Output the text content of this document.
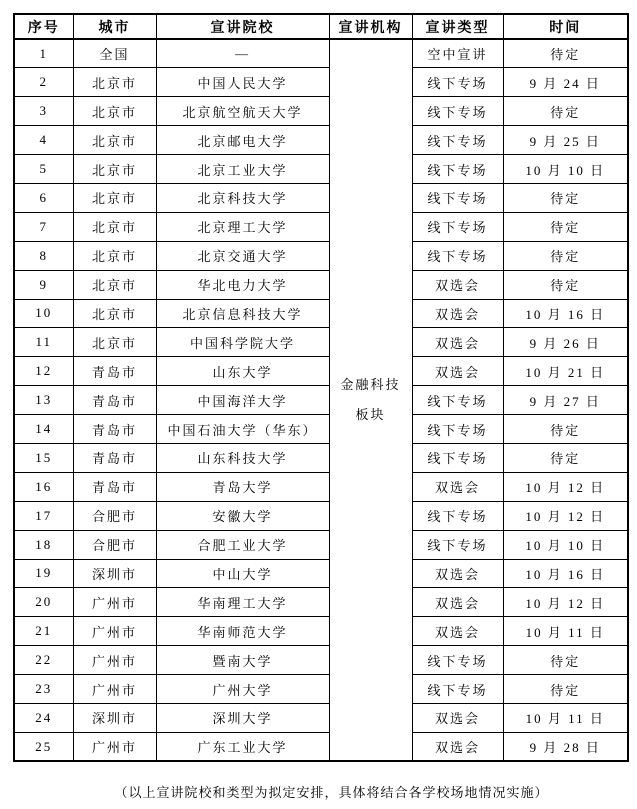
序号	城市	宣讲院校	宣讲机构	宣讲类型	时间
1	全国	—	金融科技板块	空中宣讲	待定
2	北京市	中国人民大学		线下专场	9 月 24 日
3	北京市	北京航空航天大学		线下专场	待定
4	北京市	北京邮电大学		线下专场	9 月 25 日
5	北京市	北京工业大学		线下专场	10 月 10 日
6	北京市	北京科技大学		线下专场	待定
7	北京市	北京理工大学		线下专场	待定
8	北京市	北京交通大学		线下专场	待定
9	北京市	华北电力大学		双选会	待定
10	北京市	北京信息科技大学		双选会	10 月 16 日
11	北京市	中国科学院大学		双选会	9 月 26 日
12	青岛市	山东大学		双选会	10 月 21 日
13	青岛市	中国海洋大学		线下专场	9 月 27 日
14	青岛市	中国石油大学（华东）		线下专场	待定
15	青岛市	山东科技大学		线下专场	待定
16	青岛市	青岛大学		双选会	10 月 12 日
17	合肥市	安徽大学		线下专场	10 月 12 日
18	合肥市	合肥工业大学		线下专场	10 月 10 日
19	深圳市	中山大学		双选会	10 月 16 日
20	广州市	华南理工大学		双选会	10 月 12 日
21	广州市	华南师范大学		双选会	10 月 11 日
22	广州市	暨南大学		线下专场	待定
23	广州市	广州大学		线下专场	待定
24	深圳市	深圳大学		双选会	10 月 11 日
25	广州市	广东工业大学		双选会	9 月 28 日
（以上宣讲院校和类型为拟定安排，具体将结合各学校场地情况实施）
